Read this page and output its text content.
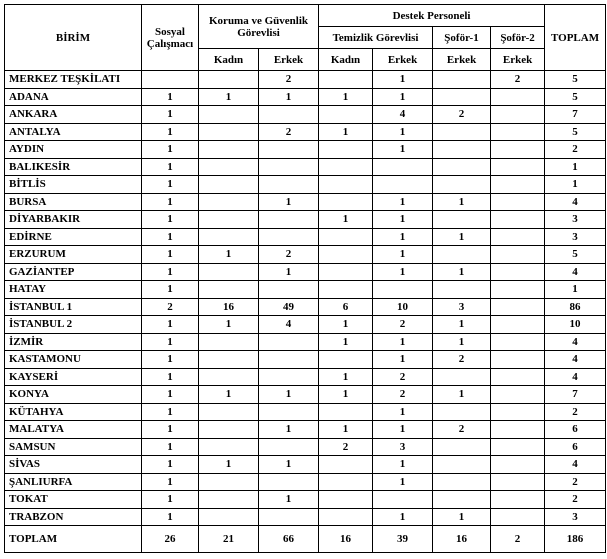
BİRİM	Sosyal Çalışmacı	Koruma ve Güvenlik Görevlisi		Destek Personeli				TOPLAM
				Temizlik Görevlisi		Şoför-1	Şoför-2	
		Kadın	Erkek	Kadın	Erkek	Erkek	Erkek	
MERKEZ TEŞKİLATI			2		1		2	5
ADANA	1	1	1	1	1			5
ANKARA	1				4	2		7
ANTALYA	1		2	1	1			5
AYDIN	1				1			2
BALIKESİR	1							1
BİTLİS	1							1
BURSA	1		1		1	1		4
DİYARBAKIR	1			1	1			3
EDİRNE	1				1	1		3
ERZURUM	1	1	2		1			5
GAZİANTEP	1		1		1	1		4
HATAY	1							1
İSTANBUL 1	2	16	49	6	10	3		86
İSTANBUL 2	1	1	4	1	2	1		10
İZMİR	1			1	1	1		4
KASTAMONU	1				1	2		4
KAYSERİ	1			1	2			4
KONYA	1	1	1	1	2	1		7
KÜTAHYA	1				1			2
MALATYA	1		1	1	1	2		6
SAMSUN	1			2	3			6
SİVAS	1	1	1		1			4
ŞANLIURFA	1				1			2
TOKAT	1		1					2
TRABZON	1				1	1		3
TOPLAM	26	21	66	16	39	16	2	186
